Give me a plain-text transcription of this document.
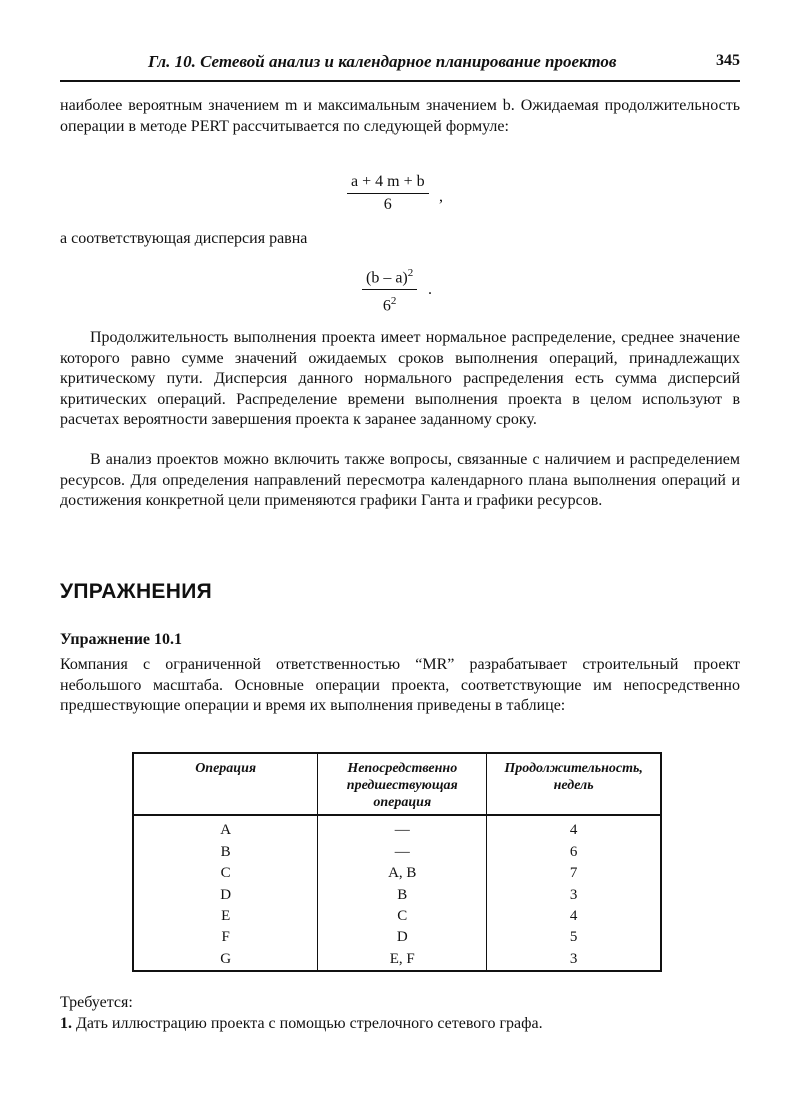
Гл. 10. Сетевой анализ и календарное планирование проектов	345

наиболее вероятным значением m и максимальным значением b. Ожидаемая продолжительность операции в методе PERT рассчитывается по следующей формуле:

$\frac{a + 4 m + b}{6}$ ,

а соответствующая дисперсия равна

$\frac{(b - a)^2}{6^2}$ .

Продолжительность выполнения проекта имеет нормальное распределение, среднее значение которого равно сумме значений ожидаемых сроков выполнения операций, принадлежащих критическому пути. Дисперсия данного нормального распределения есть сумма дисперсий критических операций. Распределение времени выполнения проекта в целом используют в расчетах вероятности завершения проекта к заранее заданному сроку.

В анализ проектов можно включить также вопросы, связанные с наличием и распределением ресурсов. Для определения направлений пересмотра календарного плана выполнения операций и достижения конкретной цели применяются графики Ганта и графики ресурсов.

УПРАЖНЕНИЯ
Упражнение 10.1

Компания с ограниченной ответственностью “MR” разрабатывает строительный проект небольшого масштаба. Основные операции проекта, соответствующие им непосредственно предшествующие операции и время их выполнения приведены в таблице:

Операция	Непосредственно предшествующая операция	Продолжительность, недель
A	—	4
B	—	6
C	A, B	7
D	B	3
E	C	4
F	D	5
G	E, F	3
Требуется:
1. Дать иллюстрацию проекта с помощью стрелочного сетевого графа.
